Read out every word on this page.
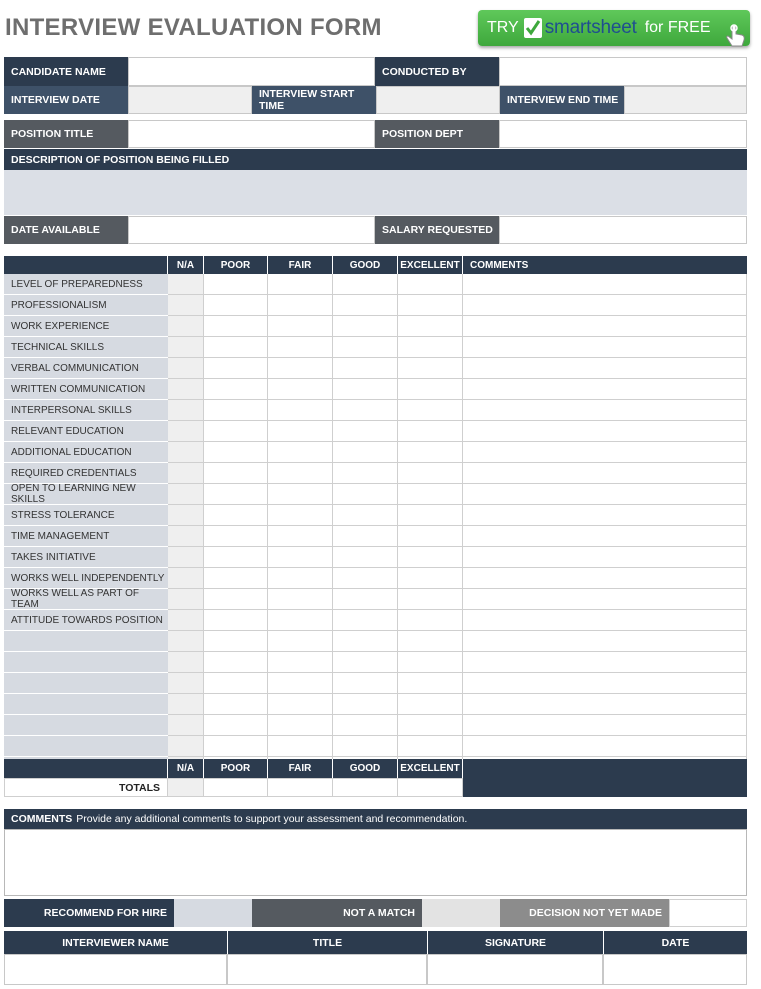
INTERVIEW EVALUATION FORM	TRY smartsheet for FREE
CANDIDATE NAME	CONDUCTED BY
INTERVIEW DATE	INTERVIEW START TIME	INTERVIEW END TIME
POSITION TITLE	POSITION DEPT
DESCRIPTION OF POSITION BEING FILLED
DATE AVAILABLE	SALARY REQUESTED
N/A	POOR	FAIR	GOOD	EXCELLENT	COMMENTS
LEVEL OF PREPAREDNESS
PROFESSIONALISM
WORK EXPERIENCE
TECHNICAL SKILLS
VERBAL COMMUNICATION
WRITTEN COMMUNICATION
INTERPERSONAL SKILLS
RELEVANT EDUCATION
ADDITIONAL EDUCATION
REQUIRED CREDENTIALS
OPEN TO LEARNING NEW SKILLS
STRESS TOLERANCE
TIME MANAGEMENT
TAKES INITIATIVE
WORKS WELL INDEPENDENTLY
WORKS WELL AS PART OF TEAM
ATTITUDE TOWARDS POSITION
N/A	POOR	FAIR	GOOD	EXCELLENT
TOTALS
COMMENTS Provide any additional comments to support your assessment and recommendation.
RECOMMEND FOR HIRE	NOT A MATCH	DECISION NOT YET MADE
INTERVIEWER NAME	TITLE	SIGNATURE	DATE
